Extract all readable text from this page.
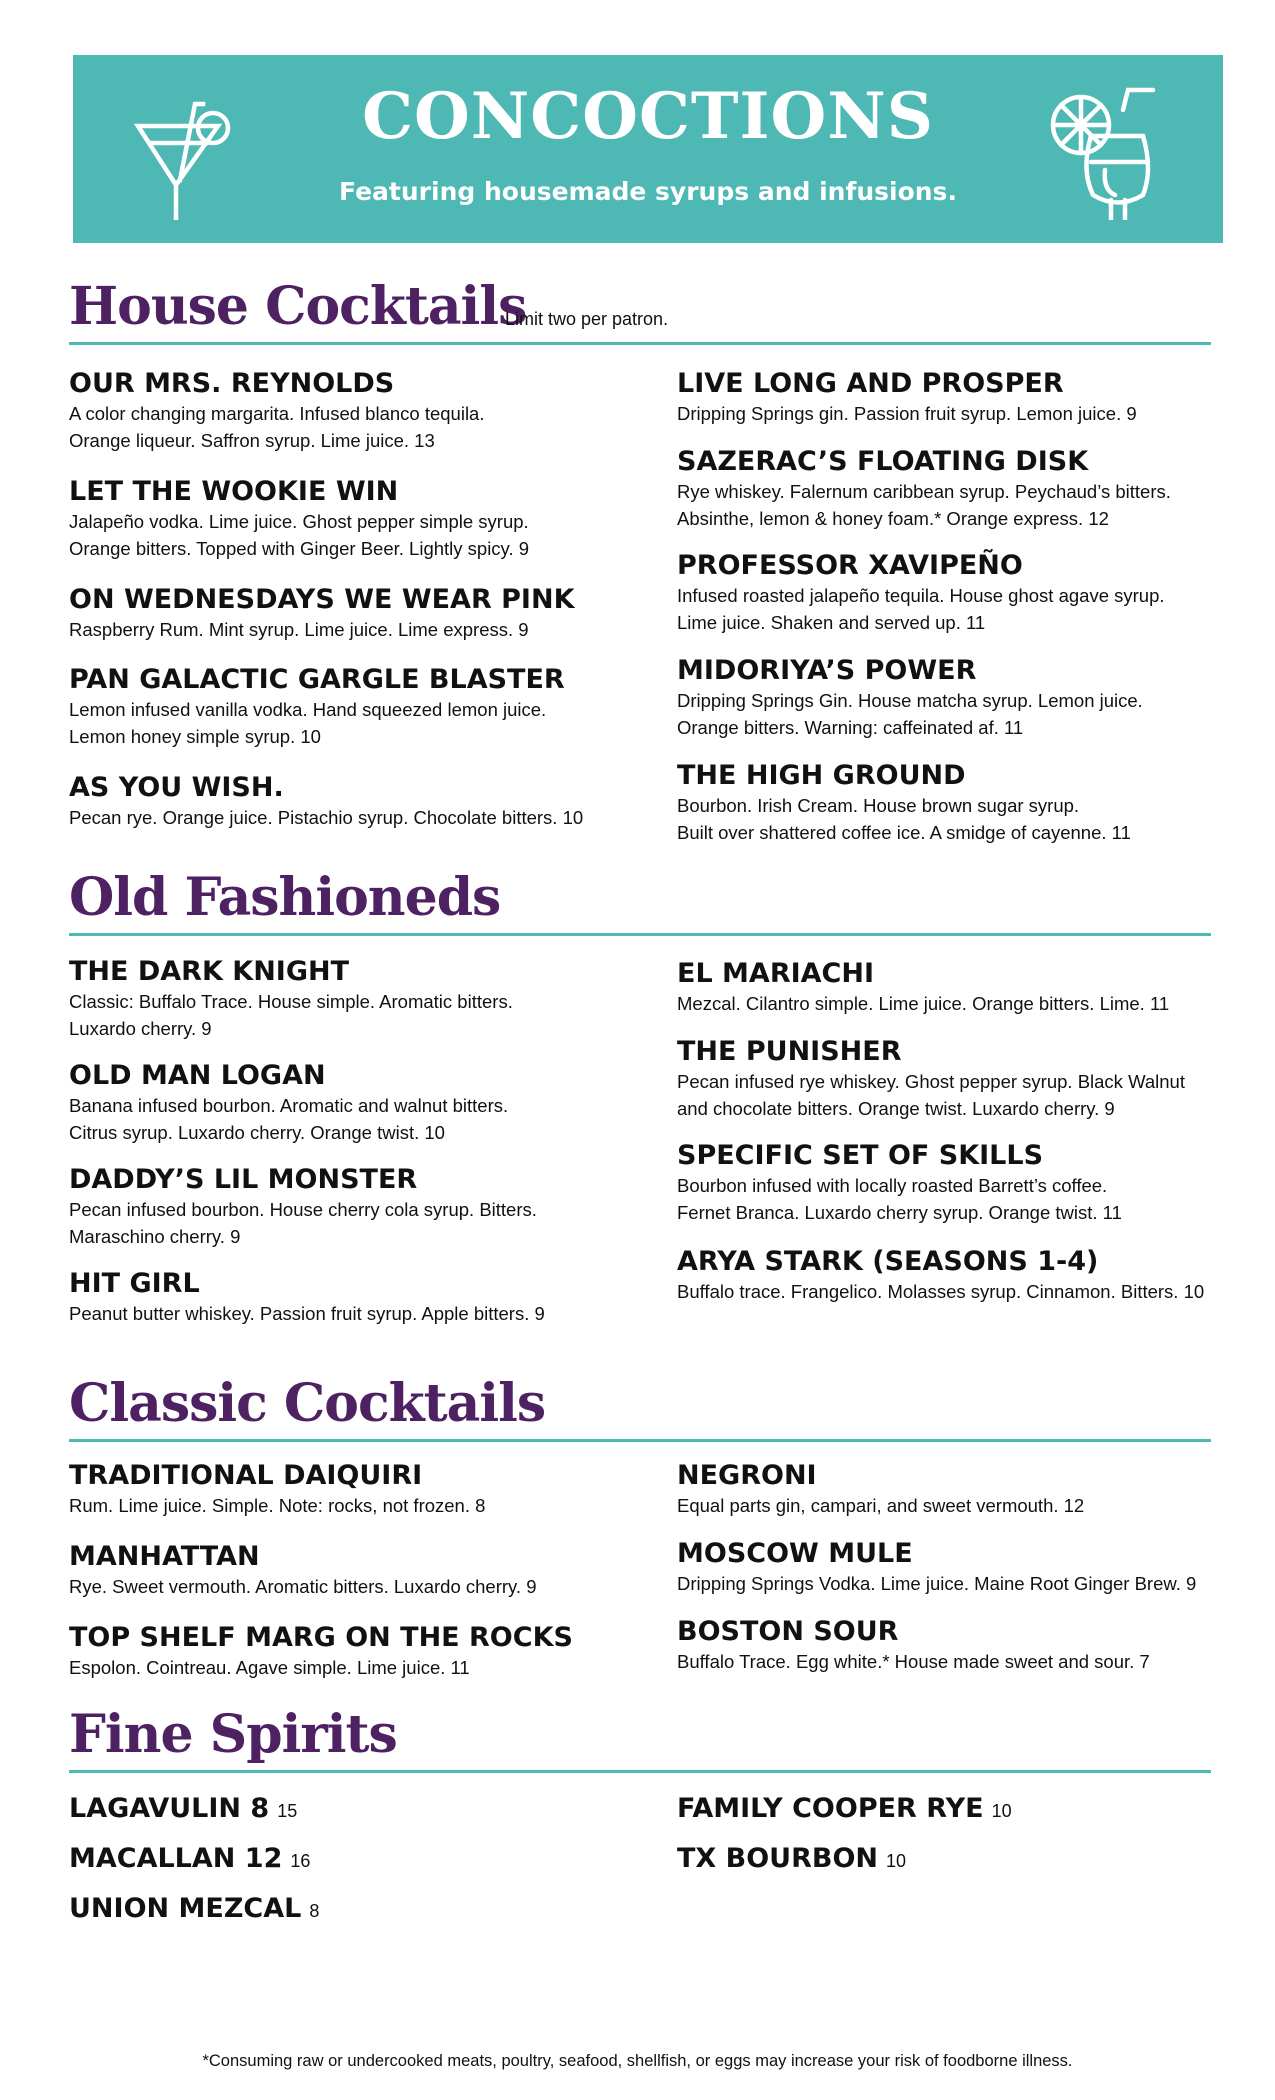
CONCOCTIONS
Featuring housemade syrups and infusions.
House Cocktails
Limit two per patron.
OUR MRS. REYNOLDS
A color changing margarita. Infused blanco tequila.
Orange liqueur. Saffron syrup. Lime juice. 13
LET THE WOOKIE WIN
Jalapeño vodka. Lime juice. Ghost pepper simple syrup.
Orange bitters. Topped with Ginger Beer. Lightly spicy. 9
ON WEDNESDAYS WE WEAR PINK
Raspberry Rum. Mint syrup. Lime juice. Lime express. 9
PAN GALACTIC GARGLE BLASTER
Lemon infused vanilla vodka. Hand squeezed lemon juice.
Lemon honey simple syrup. 10
AS YOU WISH.
Pecan rye. Orange juice. Pistachio syrup. Chocolate bitters. 10
LIVE LONG AND PROSPER
Dripping Springs gin. Passion fruit syrup. Lemon juice. 9
SAZERAC’S FLOATING DISK
Rye whiskey. Falernum caribbean syrup. Peychaud’s bitters.
Absinthe, lemon & honey foam.* Orange express. 12
PROFESSOR XAVIPEÑO
Infused roasted jalapeño tequila. House ghost agave syrup.
Lime juice. Shaken and served up. 11
MIDORIYA’S POWER
Dripping Springs Gin. House matcha syrup. Lemon juice.
Orange bitters. Warning: caffeinated af. 11
THE HIGH GROUND
Bourbon. Irish Cream. House brown sugar syrup.
Built over shattered coffee ice. A smidge of cayenne. 11
Old Fashioneds
THE DARK KNIGHT
Classic: Buffalo Trace. House simple. Aromatic bitters.
Luxardo cherry. 9
OLD MAN LOGAN
Banana infused bourbon. Aromatic and walnut bitters.
Citrus syrup. Luxardo cherry. Orange twist. 10
DADDY’S LIL MONSTER
Pecan infused bourbon. House cherry cola syrup. Bitters.
Maraschino cherry. 9
HIT GIRL
Peanut butter whiskey. Passion fruit syrup. Apple bitters. 9
EL MARIACHI
Mezcal. Cilantro simple. Lime juice. Orange bitters. Lime. 11
THE PUNISHER
Pecan infused rye whiskey. Ghost pepper syrup. Black Walnut
and chocolate bitters. Orange twist. Luxardo cherry. 9
SPECIFIC SET OF SKILLS
Bourbon infused with locally roasted Barrett’s coffee.
Fernet Branca. Luxardo cherry syrup. Orange twist. 11
ARYA STARK (SEASONS 1-4)
Buffalo trace. Frangelico. Molasses syrup. Cinnamon. Bitters. 10
Classic Cocktails
TRADITIONAL DAIQUIRI
Rum. Lime juice. Simple. Note: rocks, not frozen. 8
MANHATTAN
Rye. Sweet vermouth. Aromatic bitters. Luxardo cherry. 9
TOP SHELF MARG ON THE ROCKS
Espolon. Cointreau. Agave simple. Lime juice. 11
NEGRONI
Equal parts gin, campari, and sweet vermouth. 12
MOSCOW MULE
Dripping Springs Vodka. Lime juice. Maine Root Ginger Brew. 9
BOSTON SOUR
Buffalo Trace. Egg white.* House made sweet and sour. 7
Fine Spirits
LAGAVULIN 8 15
MACALLAN 12 16
UNION MEZCAL 8
FAMILY COOPER RYE 10
TX BOURBON 10
*Consuming raw or undercooked meats, poultry, seafood, shellfish, or eggs may increase your risk of foodborne illness.
